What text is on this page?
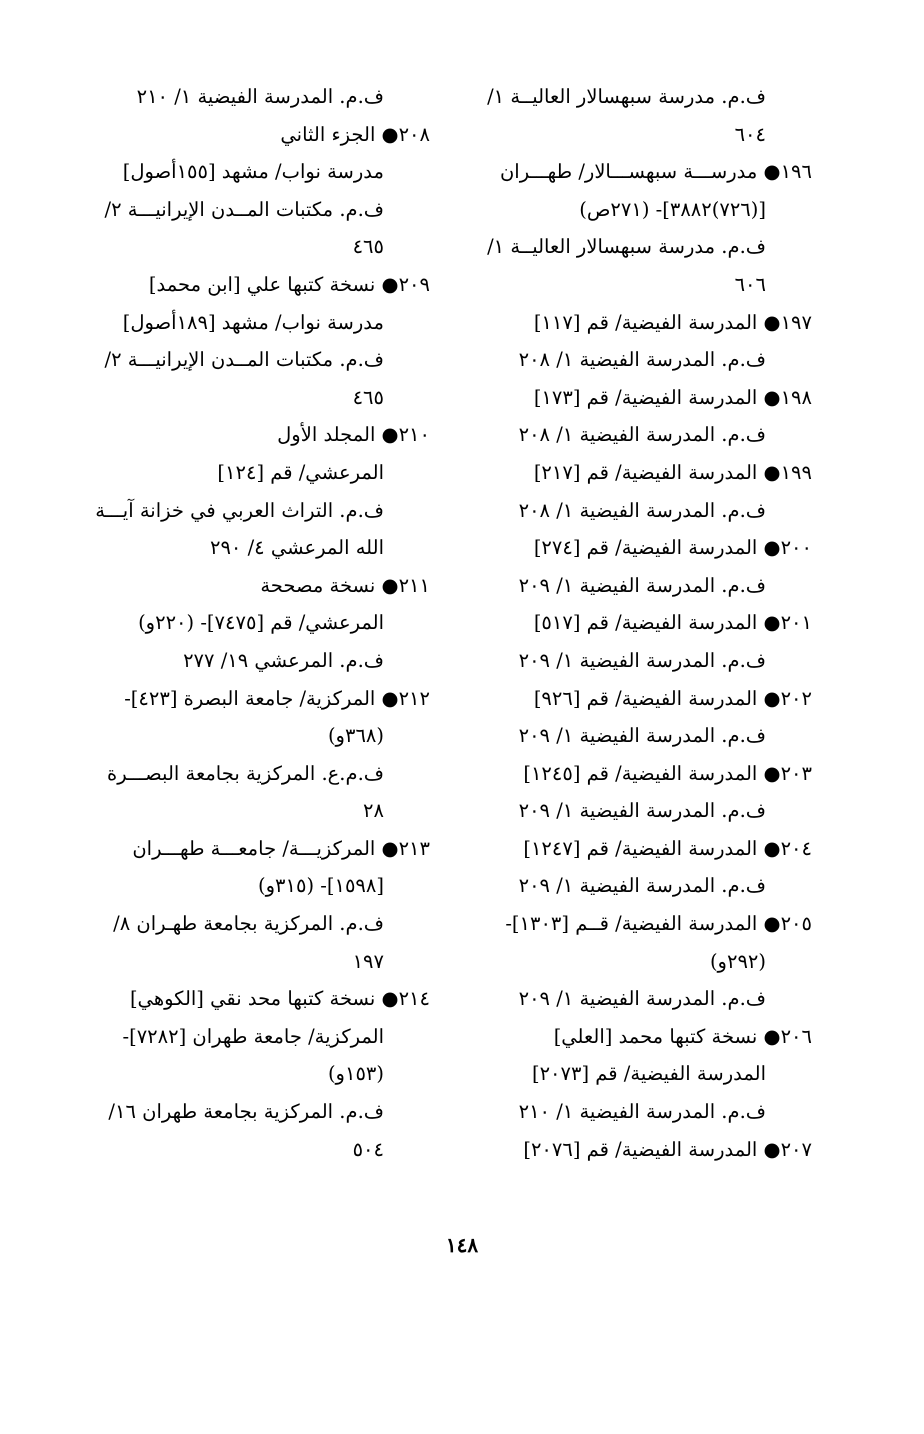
ف.م. مدرسة سبهسالار العاليــة ١/
٦٠٤
١٩٦● مدرســـة سبهســـالار/ طهـــران
[(٧٢٦)٣٨٨٢]- (٢٧١ص)
ف.م. مدرسة سبهسالار العاليــة ١/
٦٠٦
١٩٧● المدرسة الفيضية/ قم [١١٧]
ف.م. المدرسة الفيضية ١/ ٢٠٨
١٩٨● المدرسة الفيضية/ قم [١٧٣]
ف.م. المدرسة الفيضية ١/ ٢٠٨
١٩٩● المدرسة الفيضية/ قم [٢١٧]
ف.م. المدرسة الفيضية ١/ ٢٠٨
٢٠٠● المدرسة الفيضية/ قم [٢٧٤]
ف.م. المدرسة الفيضية ١/ ٢٠٩
٢٠١● المدرسة الفيضية/ قم [٥١٧]
ف.م. المدرسة الفيضية ١/ ٢٠٩
٢٠٢● المدرسة الفيضية/ قم [٩٢٦]
ف.م. المدرسة الفيضية ١/ ٢٠٩
٢٠٣● المدرسة الفيضية/ قم [١٢٤٥]
ف.م. المدرسة الفيضية ١/ ٢٠٩
٢٠٤● المدرسة الفيضية/ قم [١٢٤٧]
ف.م. المدرسة الفيضية ١/ ٢٠٩
٢٠٥● المدرسة الفيضية/ قــم [١٣٠٣]-
(٢٩٢و)
ف.م. المدرسة الفيضية ١/ ٢٠٩
٢٠٦● نسخة كتبها محمد [العلي]
المدرسة الفيضية/ قم [٢٠٧٣]
ف.م. المدرسة الفيضية ١/ ٢١٠
٢٠٧● المدرسة الفيضية/ قم [٢٠٧٦]
ف.م. المدرسة الفيضية ١/ ٢١٠
٢٠٨● الجزء الثاني
مدرسة نواب/ مشهد [١٥٥أصول]
ف.م. مكتبات المــدن الإيرانيـــة ٢/
٤٦٥
٢٠٩● نسخة كتبها علي [ابن محمد]
مدرسة نواب/ مشهد [١٨٩أصول]
ف.م. مكتبات المــدن الإيرانيـــة ٢/
٤٦٥
٢١٠● المجلد الأول
المرعشي/ قم [١٢٤]
ف.م. التراث العربي في خزانة آيـــة
الله المرعشي ٤/ ٢٩٠
٢١١● نسخة مصححة
المرعشي/ قم [٧٤٧٥]- (٢٢٠و)
ف.م. المرعشي ١٩/ ٢٧٧
٢١٢● المركزية/ جامعة البصرة [٤٢٣]-
(٣٦٨و)
ف.م.ع. المركزية بجامعة البصـــرة
٢٨
٢١٣● المركزيـــة/ جامعـــة طهـــران
[١٥٩٨]- (٣١٥و)
ف.م. المركزية بجامعة طهـران ٨/
١٩٧
٢١٤● نسخة كتبها محد نقي [الكوهي]
المركزية/ جامعة طهران [٧٢٨٢]-
(١٥٣و)
ف.م. المركزية بجامعة طهران ١٦/
٥٠٤
١٤٨
